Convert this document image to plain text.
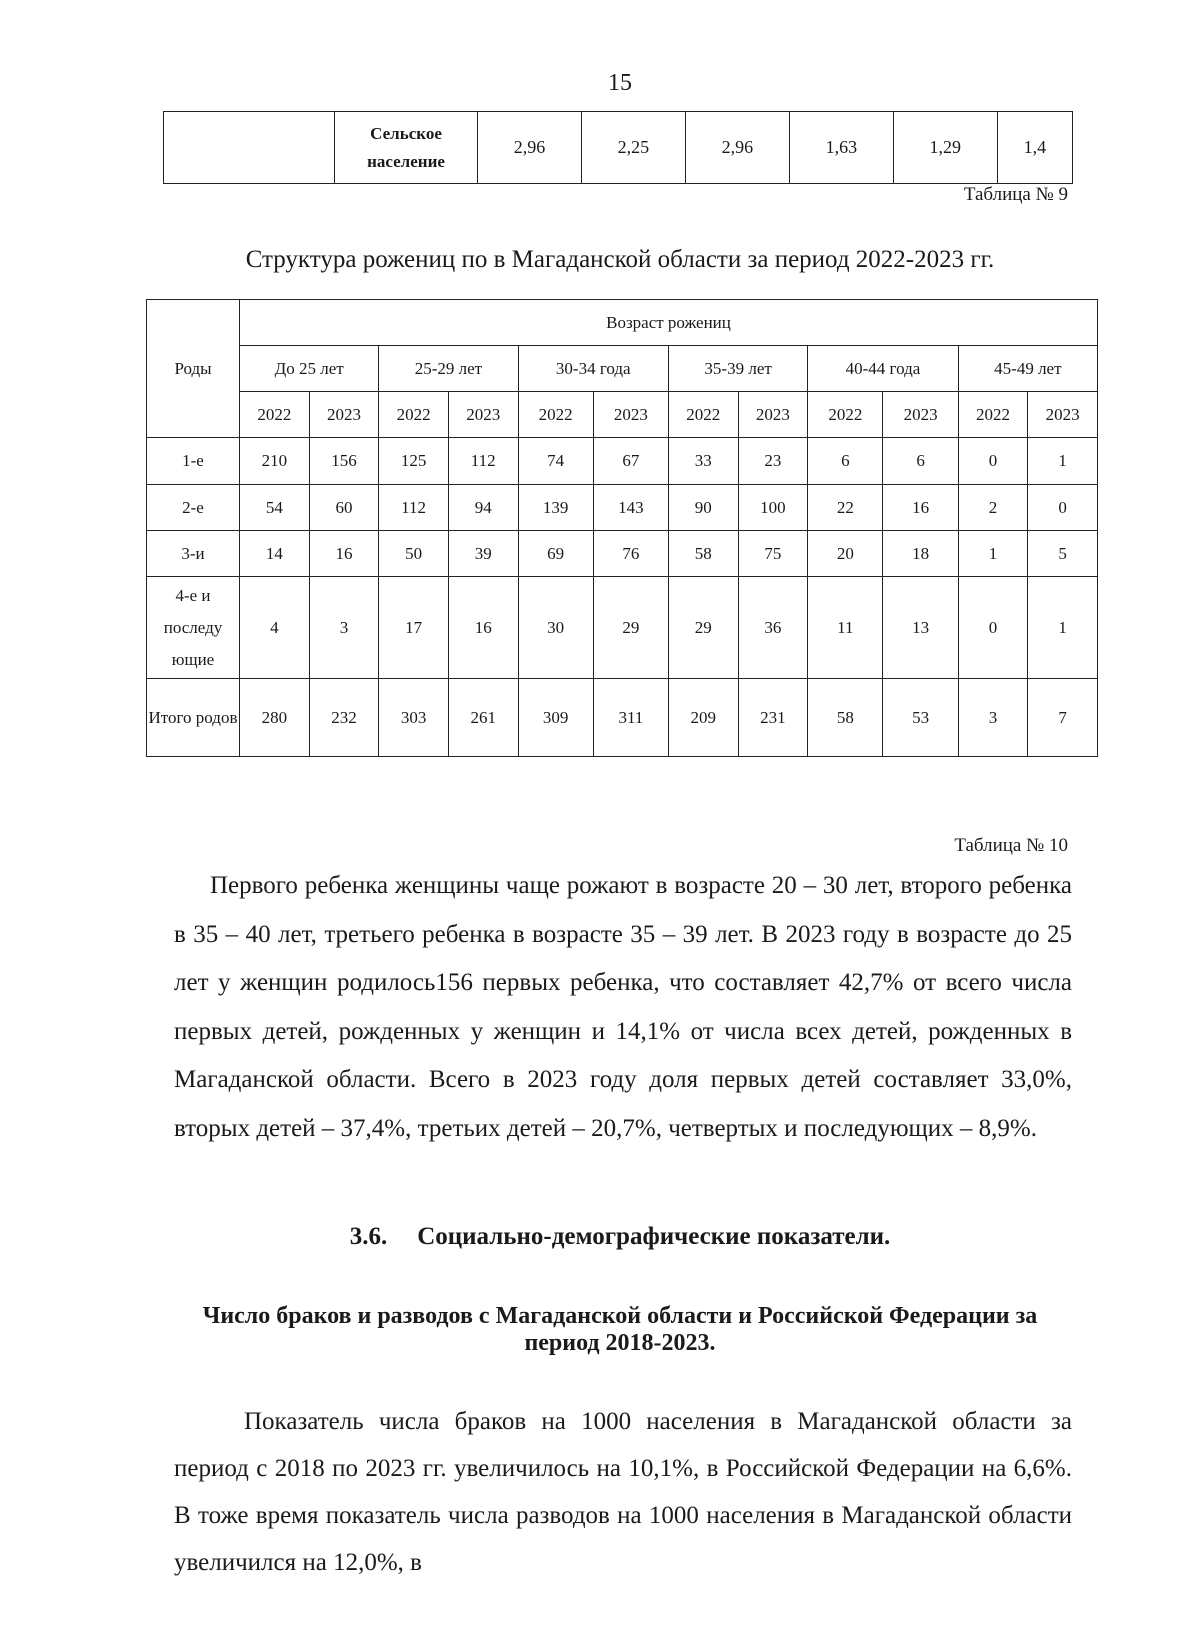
15
	Сельское население	2,96	2,25	2,96	1,63	1,29	1,4
Таблица № 9
Структура рожениц по в Магаданской области за период 2022-2023 гг.
Роды	Возраст рожениц											
	До 25 лет		25-29 лет		30-34 года		35-39 лет		40-44 года		45-49 лет	
	2022	2023	2022	2023	2022	2023	2022	2023	2022	2023	2022	2023
1-е	210	156	125	112	74	67	33	23	6	6	0	1
2-е	54	60	112	94	139	143	90	100	22	16	2	0
3-и	14	16	50	39	69	76	58	75	20	18	1	5
4-е и последу ющие	4	3	17	16	30	29	29	36	11	13	0	1
Итого родов	280	232	303	261	309	311	209	231	58	53	3	7
Таблица № 10
Первого ребенка женщины чаще рожают в возрасте 20 – 30 лет, второго ребенка в 35 – 40 лет, третьего ребенка в возрасте 35 – 39 лет. В 2023 году в возрасте до 25 лет у женщин родилось156 первых ребенка, что составляет 42,7% от всего числа первых детей, рожденных у женщин и 14,1% от числа всех детей, рожденных в Магаданской области. Всего в 2023 году доля первых детей составляет 33,0%, вторых детей – 37,4%, третьих детей – 20,7%, четвертых и последующих – 8,9%.
3.6. Социально-демографические показатели.
Число браков и разводов с Магаданской области и Российской Федерации за период 2018-2023.
Показатель числа браков на 1000 населения в Магаданской области за период с 2018 по 2023 гг. увеличилось на 10,1%, в Российской Федерации на 6,6%. В тоже время показатель числа разводов на 1000 населения в Магаданской области увеличился на 12,0%, в
